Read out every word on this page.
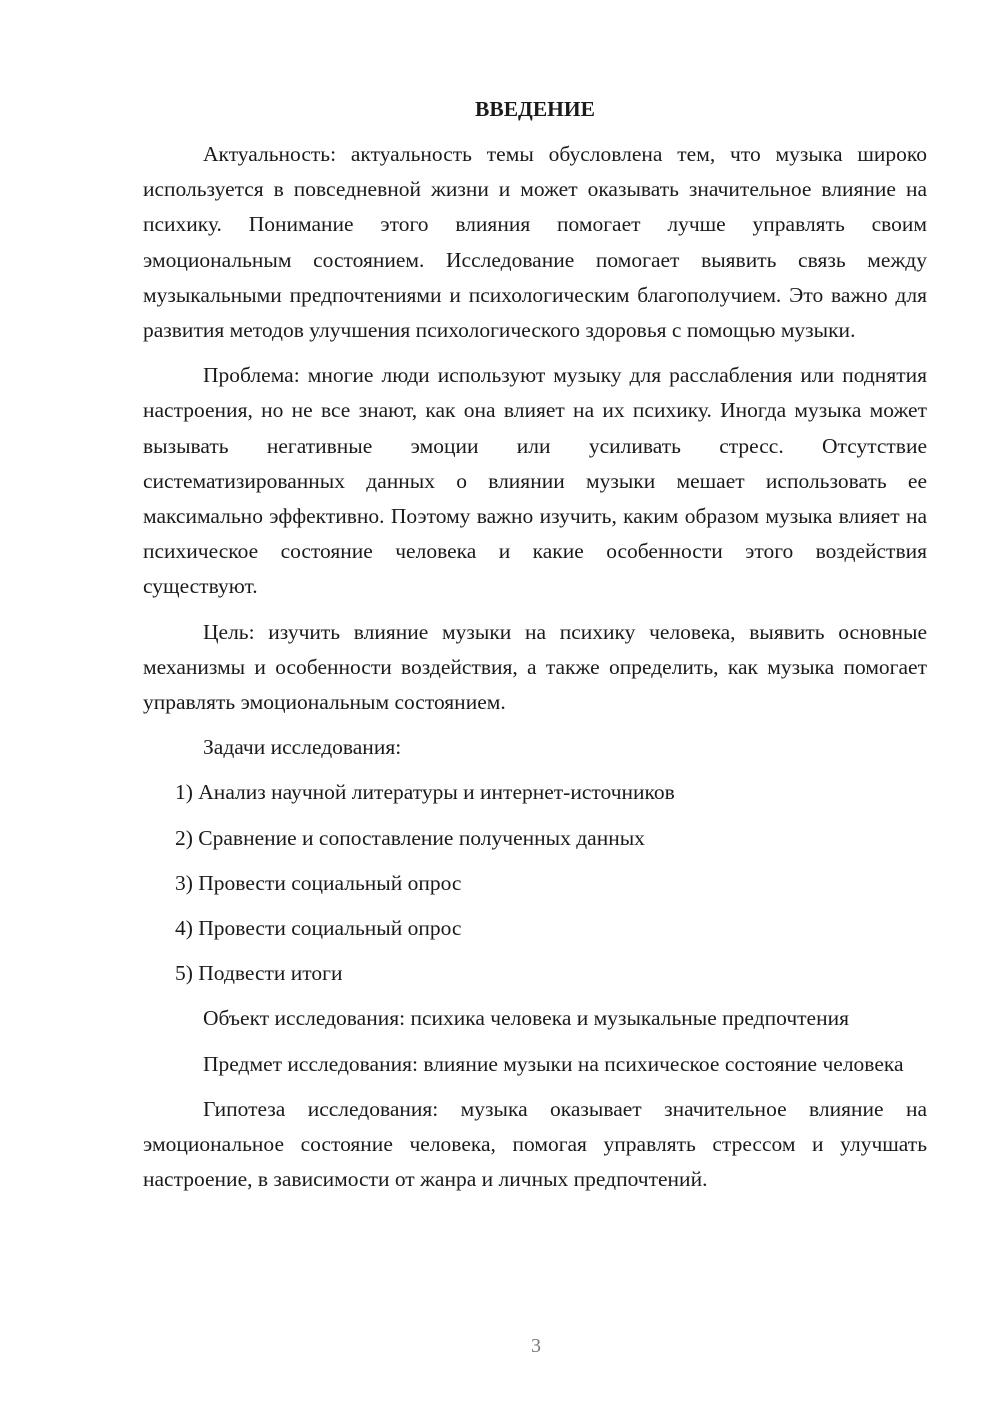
ВВЕДЕНИЕ

Актуальность: актуальность темы обусловлена тем, что музыка широко используется в повседневной жизни и может оказывать значительное влияние на психику. Понимание этого влияния помогает лучше управлять своим эмоциональным состоянием. Исследование помогает выявить связь между музыкальными предпочтениями и психологическим благополучием. Это важно для развития методов улучшения психологического здоровья с помощью музыки.

Проблема: многие люди используют музыку для расслабления или поднятия настроения, но не все знают, как она влияет на их психику. Иногда музыка может вызывать негативные эмоции или усиливать стресс. Отсутствие систематизированных данных о влиянии музыки мешает использовать ее максимально эффективно. Поэтому важно изучить, каким образом музыка влияет на психическое состояние человека и какие особенности этого воздействия существуют.

Цель: изучить влияние музыки на психику человека, выявить основные механизмы и особенности воздействия, а также определить, как музыка помогает управлять эмоциональным состоянием.

Задачи исследования:

1) Анализ научной литературы и интернет-источников
2) Сравнение и сопоставление полученных данных
3) Провести социальный опрос
4) Провести социальный опрос
5) Подвести итоги

Объект исследования: психика человека и музыкальные предпочтения

Предмет исследования: влияние музыки на психическое состояние человека

Гипотеза исследования: музыка оказывает значительное влияние на эмоциональное состояние человека, помогая управлять стрессом и улучшать настроение, в зависимости от жанра и личных предпочтений.

3
